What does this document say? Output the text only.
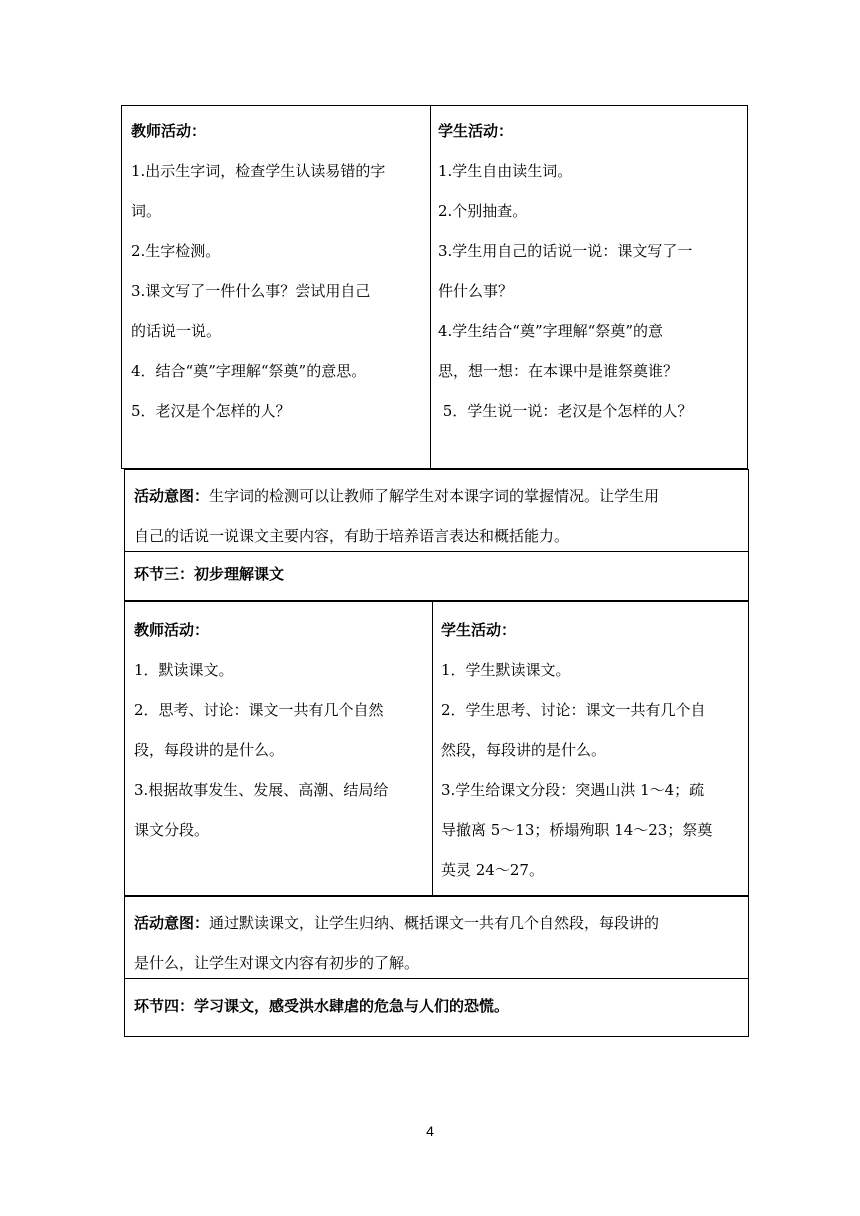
教师活动：

1.出示生字词，检查学生认读易错的字

词。

2.生字检测。

3.课文写了一件什么事？尝试用自己

的话说一说。

4．结合“奠”字理解“祭奠”的意思。

5．老汉是个怎样的人？

学生活动：

1.学生自由读生词。

2.个别抽查。

3.学生用自己的话说一说：课文写了一

件什么事？

4.学生结合“奠”字理解“祭奠”的意

思，想一想：在本课中是谁祭奠谁？

5．学生说一说：老汉是个怎样的人？

活动意图：生字词的检测可以让教师了解学生对本课字词的掌握情况。让学生用

自己的话说一说课文主要内容，有助于培养语言表达和概括能力。

环节三：初步理解课文

教师活动：

1．默读课文。

2．思考、讨论：课文一共有几个自然

段，每段讲的是什么。

3.根据故事发生、发展、高潮、结局给

课文分段。

学生活动：

1．学生默读课文。

2．学生思考、讨论：课文一共有几个自

然段，每段讲的是什么。

3.学生给课文分段：突遇山洪 1～4；疏

导撤离 5～13；桥塌殉职 14～23；祭奠

英灵 24～27。

活动意图：通过默读课文，让学生归纳、概括课文一共有几个自然段，每段讲的

是什么，让学生对课文内容有初步的了解。

环节四：学习课文，感受洪水肆虐的危急与人们的恐慌。
4
